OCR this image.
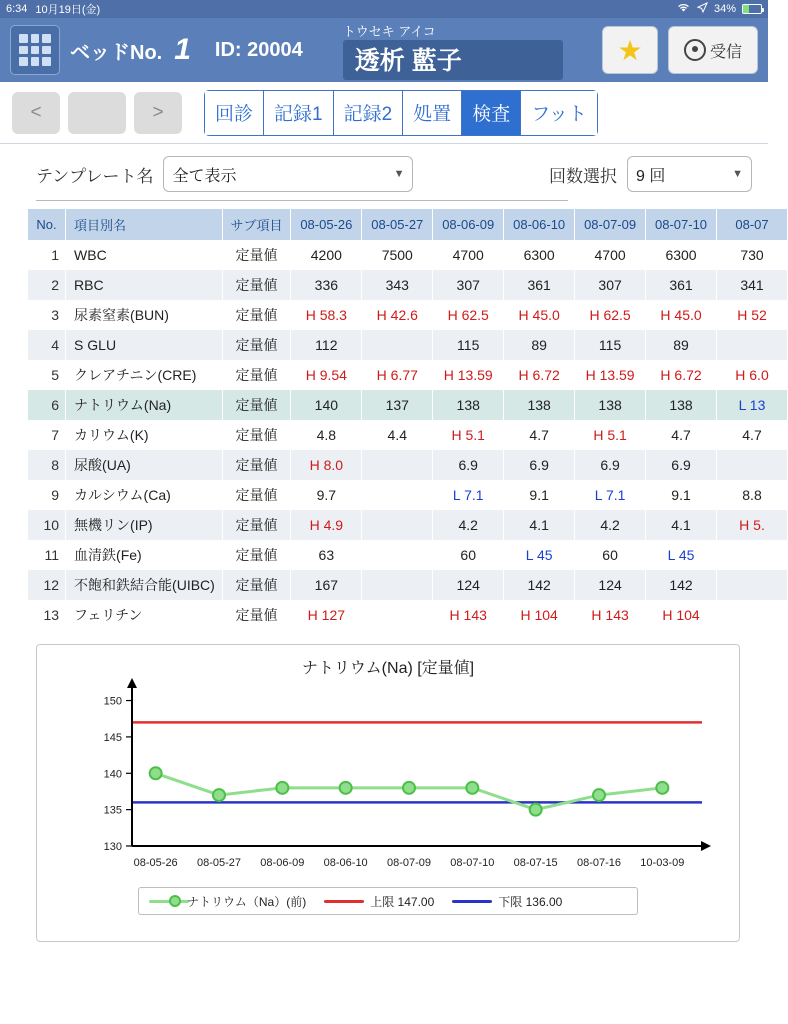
6:34 10月19日(金)	34%
ベッドNo. 1 ID: 20004
トウセキ アイコ
透析 藍子	★	受信
<	>	回診	記録1	記録2	処置	検査	フット
テンプレート名 全て表示	▼	回数選択 9 回	▼
No.	項目別名	サブ項目	08-05-26	08-05-27	08-06-09	08-06-10	08-07-09	08-07-10	08-07
1	WBC	定量値	4200	7500	4700	6300	4700	6300	730
2	RBC	定量値	336	343	307	361	307	361	341
3	尿素窒素(BUN)	定量値	H 58.3	H 42.6	H 62.5	H 45.0	H 62.5	H 45.0	H 52
4	S GLU	定量値	112		115	89	115	89	
5	クレアチニン(CRE)	定量値	H 9.54	H 6.77	H 13.59	H 6.72	H 13.59	H 6.72	H 6.0
6	ナトリウム(Na)	定量値	140	137	138	138	138	138	L 13
7	カリウム(K)	定量値	4.8	4.4	H 5.1	4.7	H 5.1	4.7	4.7
8	尿酸(UA)	定量値	H 8.0		6.9	6.9	6.9	6.9	
9	カルシウム(Ca)	定量値	9.7		L 7.1	9.1	L 7.1	9.1	8.8
10	無機リン(IP)	定量値	H 4.9		4.2	4.1	4.2	4.1	H 5.
11	血清鉄(Fe)	定量値	63		60	L 45	60	L 45	
12	不飽和鉄結合能(UIBC)	定量値	167		124	142	124	142	
13	フェリチン	定量値	H 127		H 143	H 104	H 143	H 104	
ナトリウム(Na) [定量値]
130
135
140
145
150
08-05-26 08-05-27 08-06-09 08-06-10 08-07-09 08-07-10 08-07-15 08-07-16 10-03-09
ナトリウム（Na）(前)	上限 147.00	下限 136.00
